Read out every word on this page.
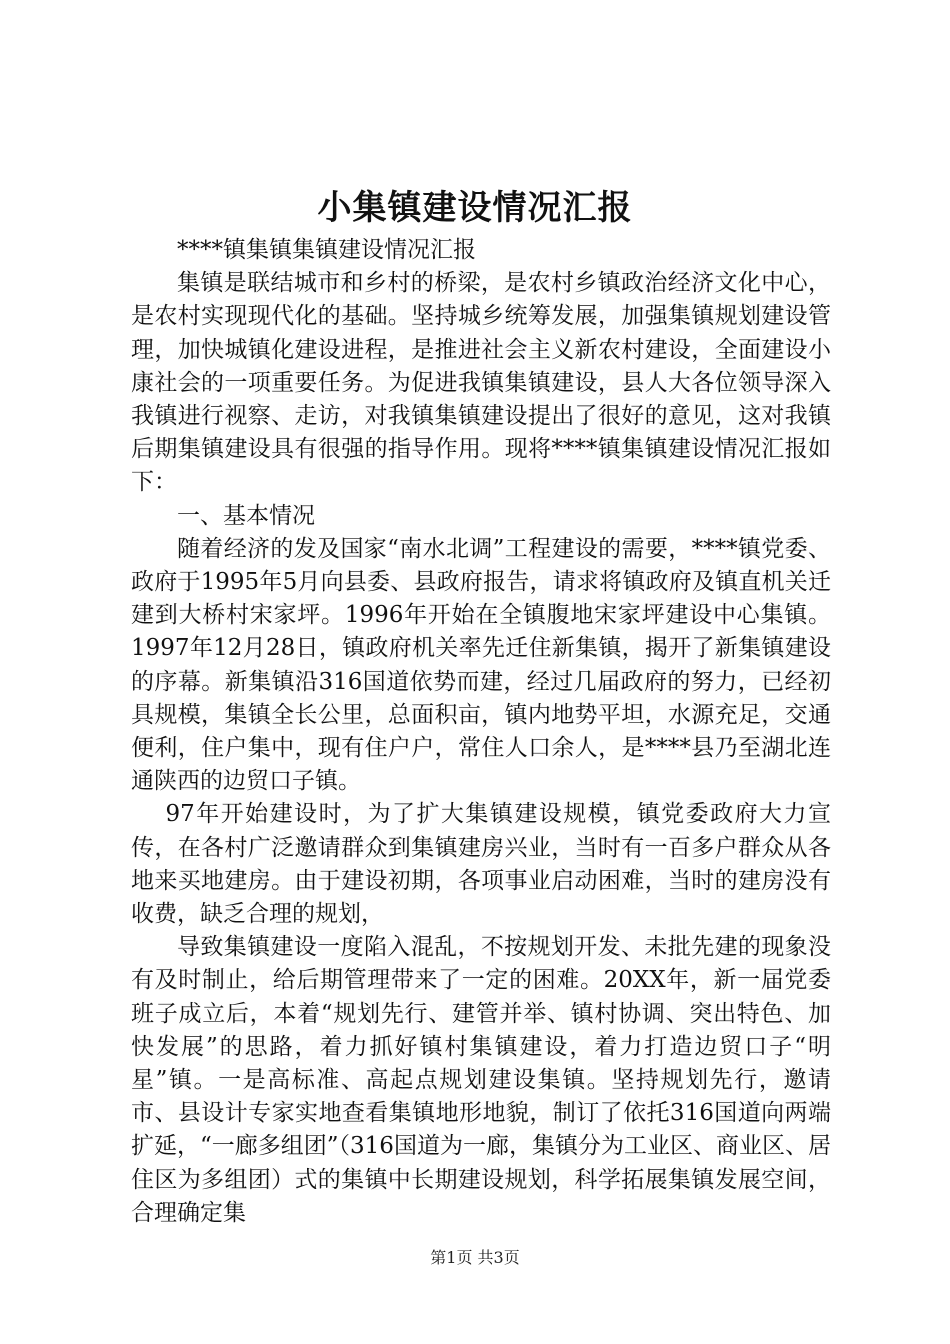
小集镇建设情况汇报

****镇集镇集镇建设情况汇报

集镇是联结城市和乡村的桥梁，是农村乡镇政治经济文化中心，是农村实现现代化的基础。坚持城乡统筹发展，加强集镇规划建设管理，加快城镇化建设进程，是推进社会主义新农村建设，全面建设小康社会的一项重要任务。为促进我镇集镇建设，县人大各位领导深入我镇进行视察、走访，对我镇集镇建设提出了很好的意见，这对我镇后期集镇建设具有很强的指导作用。现将****镇集镇建设情况汇报如下：

一、基本情况

随着经济的发及国家“南水北调”工程建设的需要，****镇党委、政府于1995年5月向县委、县政府报告，请求将镇政府及镇直机关迁建到大桥村宋家坪。1996年开始在全镇腹地宋家坪建设中心集镇。1997年12月28日，镇政府机关率先迁住新集镇，揭开了新集镇建设的序幕。新集镇沿316国道依势而建，经过几届政府的努力，已经初具规模，集镇全长公里，总面积亩，镇内地势平坦，水源充足，交通便利，住户集中，现有住户户，常住人口余人，是****县乃至湖北连通陕西的边贸口子镇。

97年开始建设时，为了扩大集镇建设规模，镇党委政府大力宣传，在各村广泛邀请群众到集镇建房兴业，当时有一百多户群众从各地来买地建房。由于建设初期，各项事业启动困难，当时的建房没有收费，缺乏合理的规划，

导致集镇建设一度陷入混乱，不按规划开发、未批先建的现象没有及时制止，给后期管理带来了一定的困难。20XX年，新一届党委班子成立后，本着“规划先行、建管并举、镇村协调、突出特色、加快发展”的思路，着力抓好镇村集镇建设，着力打造边贸口子“明星”镇。一是高标准、高起点规划建设集镇。坚持规划先行，邀请市、县设计专家实地查看集镇地形地貌，制订了依托316国道向两端扩延，“一廊多组团”（316国道为一廊，集镇分为工业区、商业区、居住区为多组团）式的集镇中长期建设规划，科学拓展集镇发展空间，合理确定集

第1页 共3页
